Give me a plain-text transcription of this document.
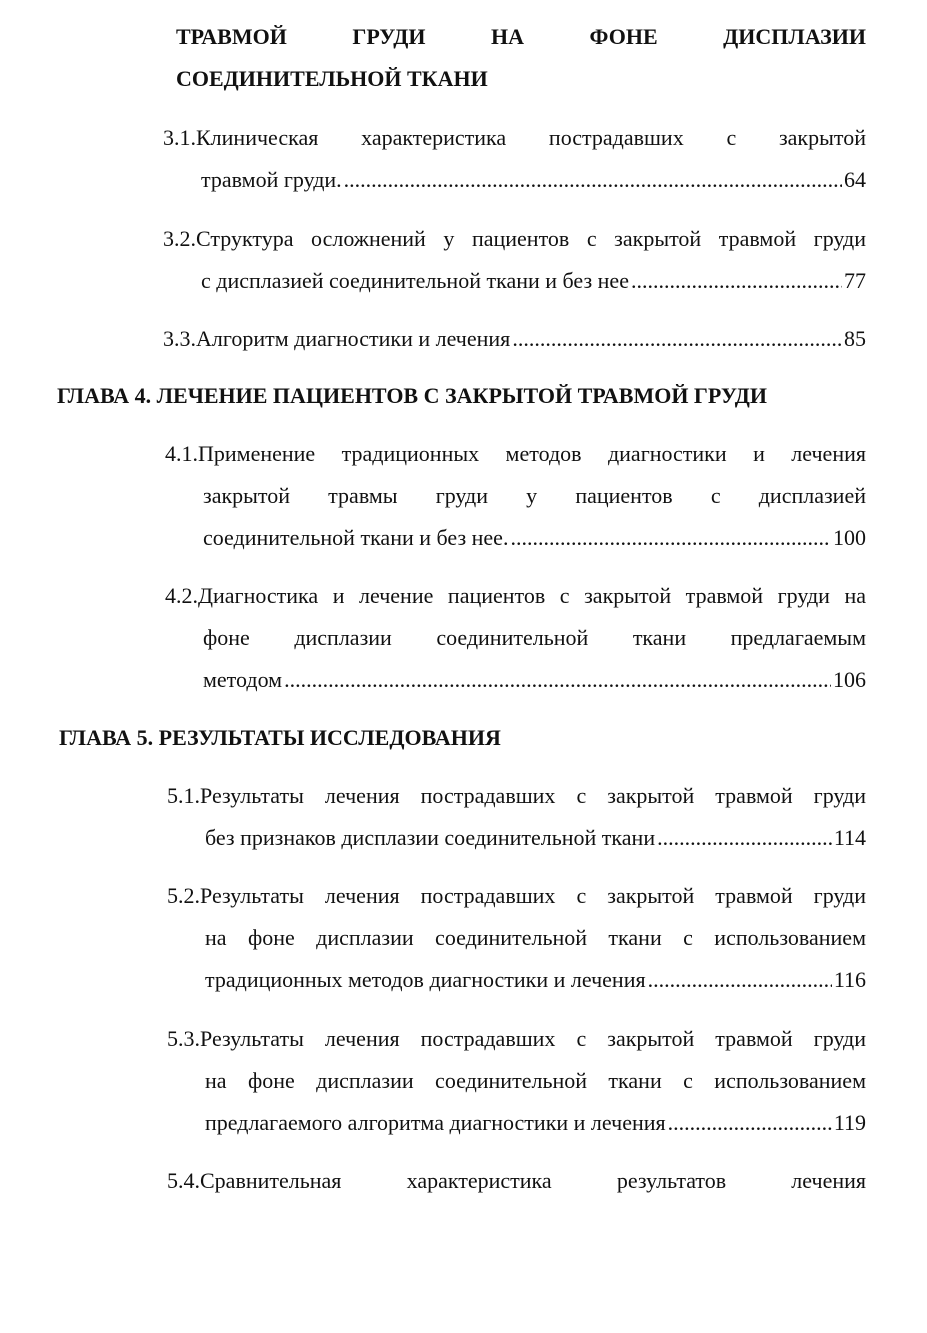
ТРАВМОЙ ГРУДИ НА ФОНЕ ДИСПЛАЗИИ
СОЕДИНИТЕЛЬНОЙ ТКАНИ
3.1.Клиническая характеристика пострадавших с закрытой
травмой груди. .....	64
3.2.Структура осложнений у пациентов с закрытой травмой груди
с дисплазией соединительной ткани и без нее .....	77
3.3.Алгоритм диагностики и лечения .....	85
ГЛАВА 4. ЛЕЧЕНИЕ ПАЦИЕНТОВ С ЗАКРЫТОЙ ТРАВМОЙ ГРУДИ
4.1.Применение традиционных методов диагностики и лечения
закрытой травмы груди у пациентов с дисплазией
соединительной ткани и без нее. .....	100
4.2.Диагностика и лечение пациентов с закрытой травмой груди на
фоне дисплазии соединительной ткани предлагаемым
методом .....	106
ГЛАВА 5. РЕЗУЛЬТАТЫ ИССЛЕДОВАНИЯ
5.1.Результаты лечения пострадавших с закрытой травмой груди
без признаков дисплазии соединительной ткани .....	114
5.2.Результаты лечения пострадавших с закрытой травмой груди
на фоне дисплазии соединительной ткани с использованием
традиционных методов диагностики и лечения .....	116
5.3.Результаты лечения пострадавших с закрытой травмой груди
на фоне дисплазии соединительной ткани с использованием
предлагаемого алгоритма диагностики и лечения .....	119
5.4.Сравнительная характеристика результатов лечения
